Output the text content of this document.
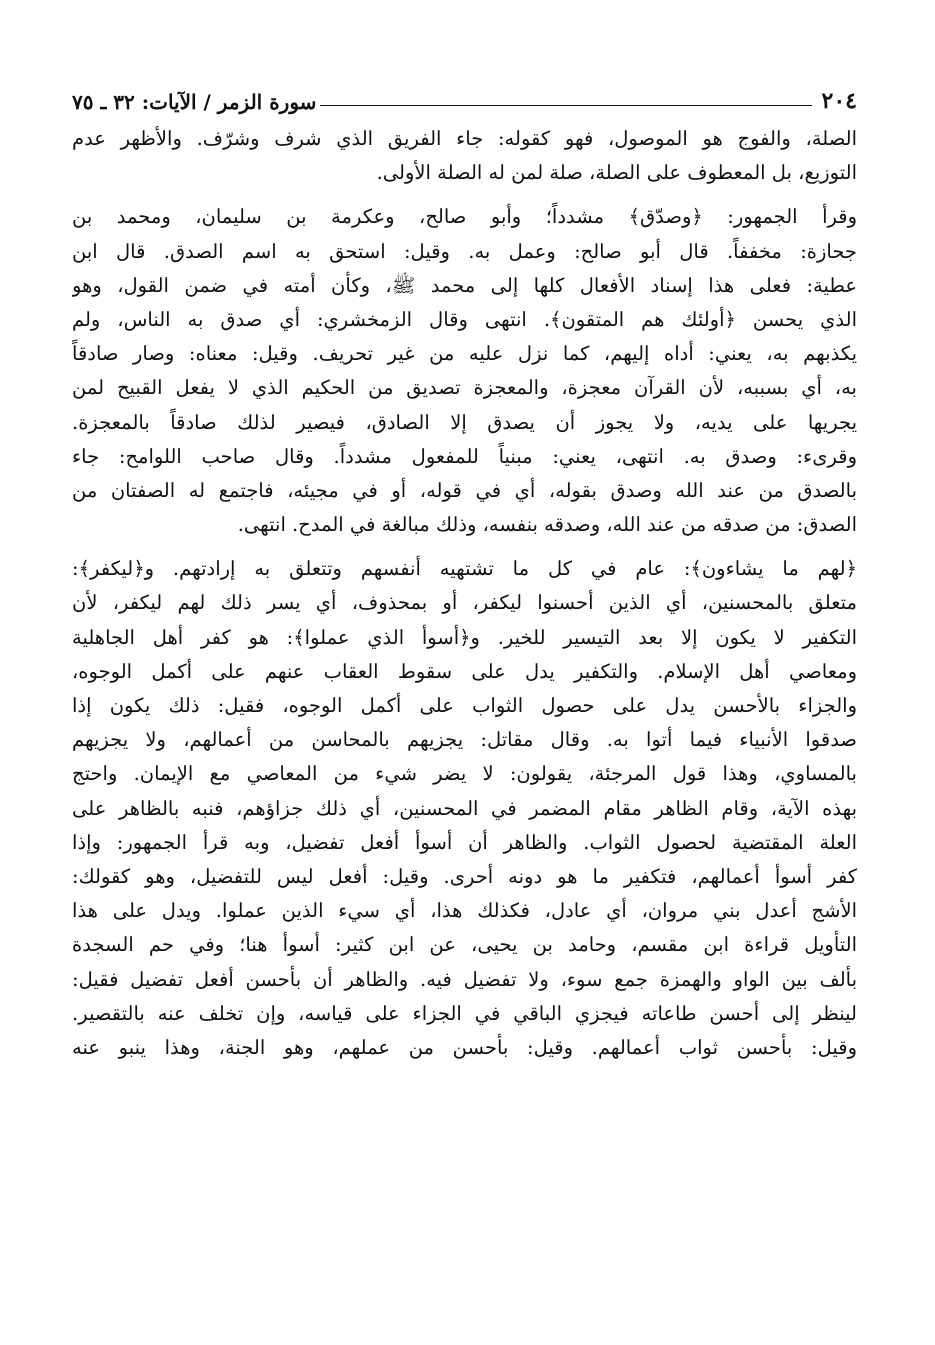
٢٠٤
سورة الزمر / الآيات: ٣٢ ـ ٧٥

الصلة، والفوج هو الموصول، فهو كقوله: جاء الفريق الذي شرف وشرّف. والأظهر عدم
التوزيع، بل المعطوف على الصلة، صلة لمن له الصلة الأولى.

وقرأ الجمهور: ﴿وصدّق﴾ مشدداً؛ وأبو صالح، وعكرمة بن سليمان، ومحمد بن
جحازة: مخففاً. قال أبو صالح: وعمل به. وقيل: استحق به اسم الصدق. قال ابن
عطية: فعلى هذا إسناد الأفعال كلها إلى محمد ﷺ، وكأن أمته في ضمن القول، وهو
الذي يحسن ﴿أولئك هم المتقون﴾. انتهى وقال الزمخشري: أي صدق به الناس، ولم
يكذبهم به، يعني: أداه إليهم، كما نزل عليه من غير تحريف. وقيل: معناه: وصار صادقاً
به، أي بسببه، لأن القرآن معجزة، والمعجزة تصديق من الحكيم الذي لا يفعل القبيح لمن
يجريها على يديه، ولا يجوز أن يصدق إلا الصادق، فيصير لذلك صادقاً بالمعجزة.
وقرىء: وصدق به. انتهى، يعني: مبنياً للمفعول مشدداً. وقال صاحب اللوامح: جاء
بالصدق من عند الله وصدق بقوله، أي في قوله، أو في مجيئه، فاجتمع له الصفتان من
الصدق: من صدقه من عند الله، وصدقه بنفسه، وذلك مبالغة في المدح. انتهى.

﴿لهم ما يشاءون﴾: عام في كل ما تشتهيه أنفسهم وتتعلق به إرادتهم. و﴿ليكفر﴾:
متعلق بالمحسنين، أي الذين أحسنوا ليكفر، أو بمحذوف، أي يسر ذلك لهم ليكفر، لأن
التكفير لا يكون إلا بعد التيسير للخير. و﴿أسوأ الذي عملوا﴾: هو كفر أهل الجاهلية
ومعاصي أهل الإسلام. والتكفير يدل على سقوط العقاب عنهم على أكمل الوجوه،
والجزاء بالأحسن يدل على حصول الثواب على أكمل الوجوه، فقيل: ذلك يكون إذا
صدقوا الأنبياء فيما أتوا به. وقال مقاتل: يجزيهم بالمحاسن من أعمالهم، ولا يجزيهم
بالمساوي، وهذا قول المرجئة، يقولون: لا يضر شيء من المعاصي مع الإيمان. واحتج
بهذه الآية، وقام الظاهر مقام المضمر في المحسنين، أي ذلك جزاؤهم، فنبه بالظاهر على
العلة المقتضية لحصول الثواب. والظاهر أن أسوأ أفعل تفضيل، وبه قرأ الجمهور: وإذا
كفر أسوأ أعمالهم، فتكفير ما هو دونه أحرى. وقيل: أفعل ليس للتفضيل، وهو كقولك:
الأشج أعدل بني مروان، أي عادل، فكذلك هذا، أي سيء الذين عملوا. ويدل على هذا
التأويل قراءة ابن مقسم، وحامد بن يحيى، عن ابن كثير: أسوأ هنا؛ وفي حم السجدة
بألف بين الواو والهمزة جمع سوء، ولا تفضيل فيه. والظاهر أن بأحسن أفعل تفضيل فقيل:
لينظر إلى أحسن طاعاته فيجزي الباقي في الجزاء على قياسه، وإن تخلف عنه بالتقصير.
وقيل: بأحسن ثواب أعمالهم. وقيل: بأحسن من عملهم، وهو الجنة، وهذا ينبو عنه
